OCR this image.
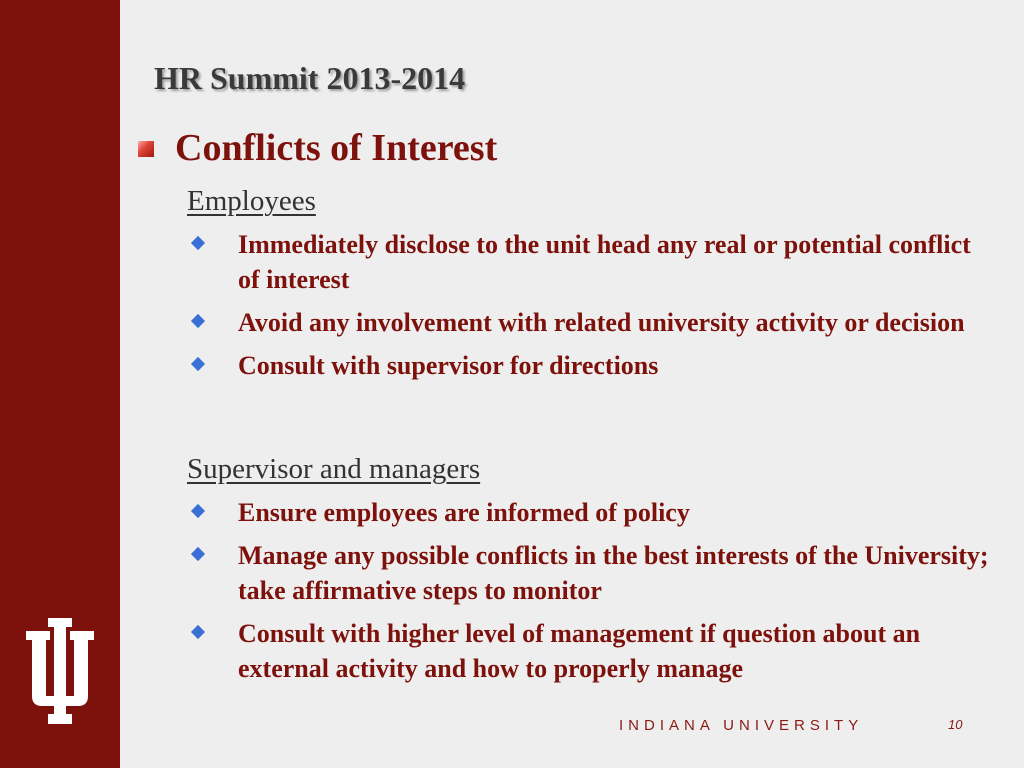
HR Summit 2013-2014
Conflicts of Interest
Employees
Immediately disclose to the unit head any real or potential conflict of interest
Avoid any involvement with related university activity or decision
Consult with supervisor for directions
Supervisor and managers
Ensure employees are informed of policy
Manage any possible conflicts in the best interests of the University; take affirmative steps to monitor
Consult with higher level of management if question about an external activity and how to properly manage
INDIANA UNIVERSITY	10
